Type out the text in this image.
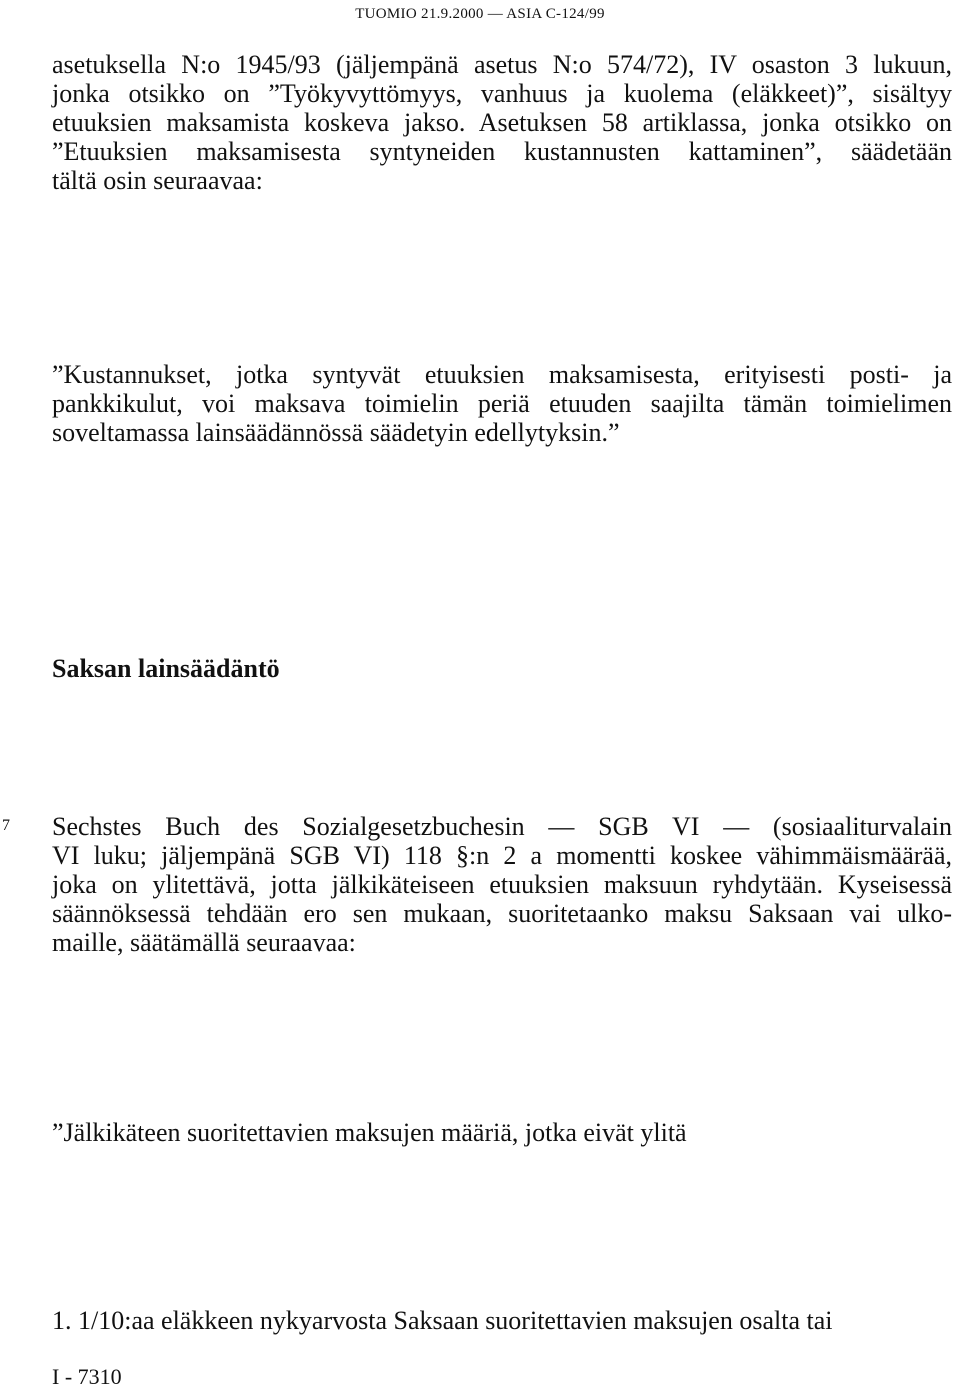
TUOMIO 21.9.2000 — ASIA C-124/99
asetuksella N:o 1945/93 (jäljempänä asetus N:o 574/72), IV osaston 3 lukuun,
jonka otsikko on ”Työkyvyttömyys, vanhuus ja kuolema (eläkkeet)”, sisältyy
etuuksien maksamista koskeva jakso. Asetuksen 58 artiklassa, jonka otsikko on
”Etuuksien maksamisesta syntyneiden kustannusten kattaminen”, säädetään
tältä osin seuraavaa:
”Kustannukset, jotka syntyvät etuuksien maksamisesta, erityisesti posti- ja
pankkikulut, voi maksava toimielin periä etuuden saajilta tämän toimielimen
soveltamassa lainsäädännössä säädetyin edellytyksin.”
Saksan lainsäädäntö
7 Sechstes Buch des Sozialgesetzbuchesin — SGB VI — (sosiaaliturvalain
VI luku; jäljempänä SGB VI) 118 §:n 2 a momentti koskee vähimmäismäärää,
joka on ylitettävä, jotta jälkikäteiseen etuuksien maksuun ryhdytään. Kyseisessä
säännöksessä tehdään ero sen mukaan, suoritetaanko maksu Saksaan vai ulko-
maille, säätämällä seuraavaa:
”Jälkikäteen suoritettavien maksujen määriä, jotka eivät ylitä
1. 1/10:aa eläkkeen nykyarvosta Saksaan suoritettavien maksujen osalta tai
I - 7310
